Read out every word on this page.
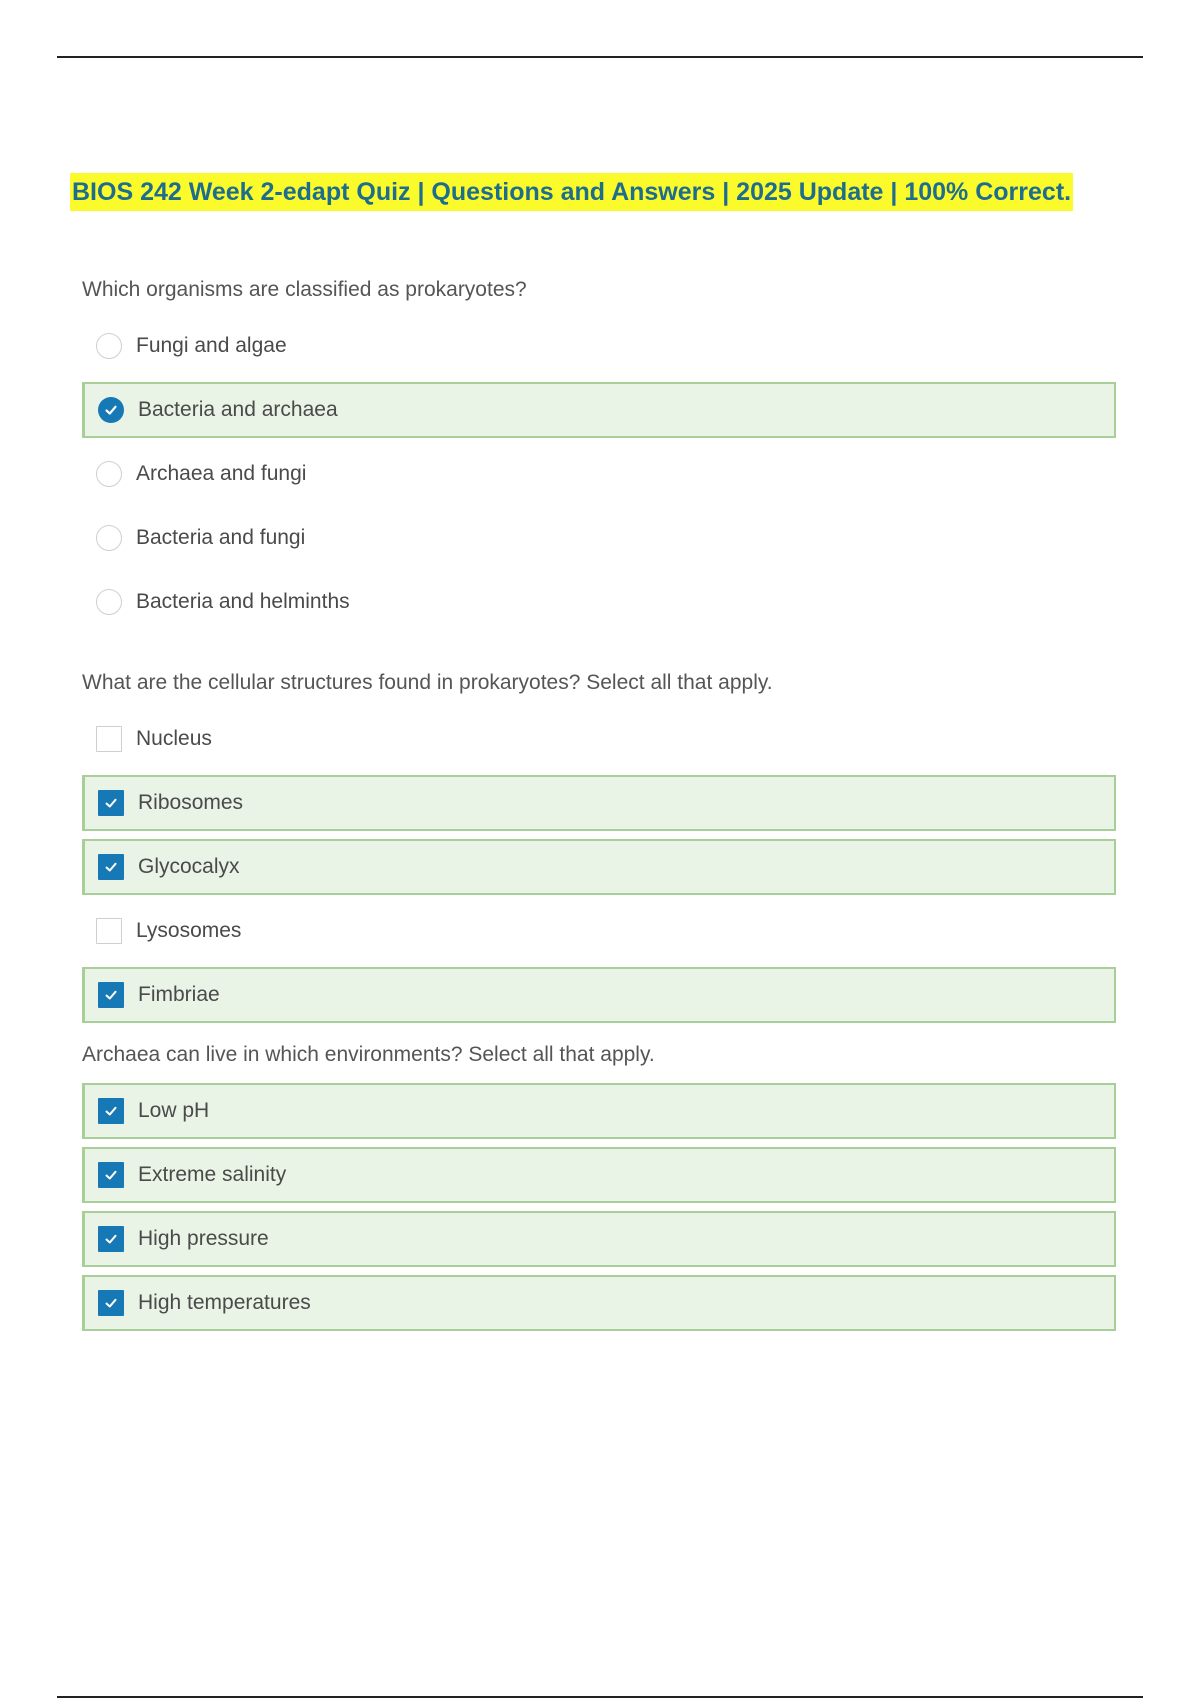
BIOS 242 Week 2-edapt Quiz | Questions and Answers | 2025 Update | 100% Correct.
Which organisms are classified as prokaryotes?
Fungi and algae
Bacteria and archaea
Archaea and fungi
Bacteria and fungi
Bacteria and helminths
What are the cellular structures found in prokaryotes? Select all that apply.
Nucleus
Ribosomes
Glycocalyx
Lysosomes
Fimbriae
Archaea can live in which environments? Select all that apply.
Low pH
Extreme salinity
High pressure
High temperatures
